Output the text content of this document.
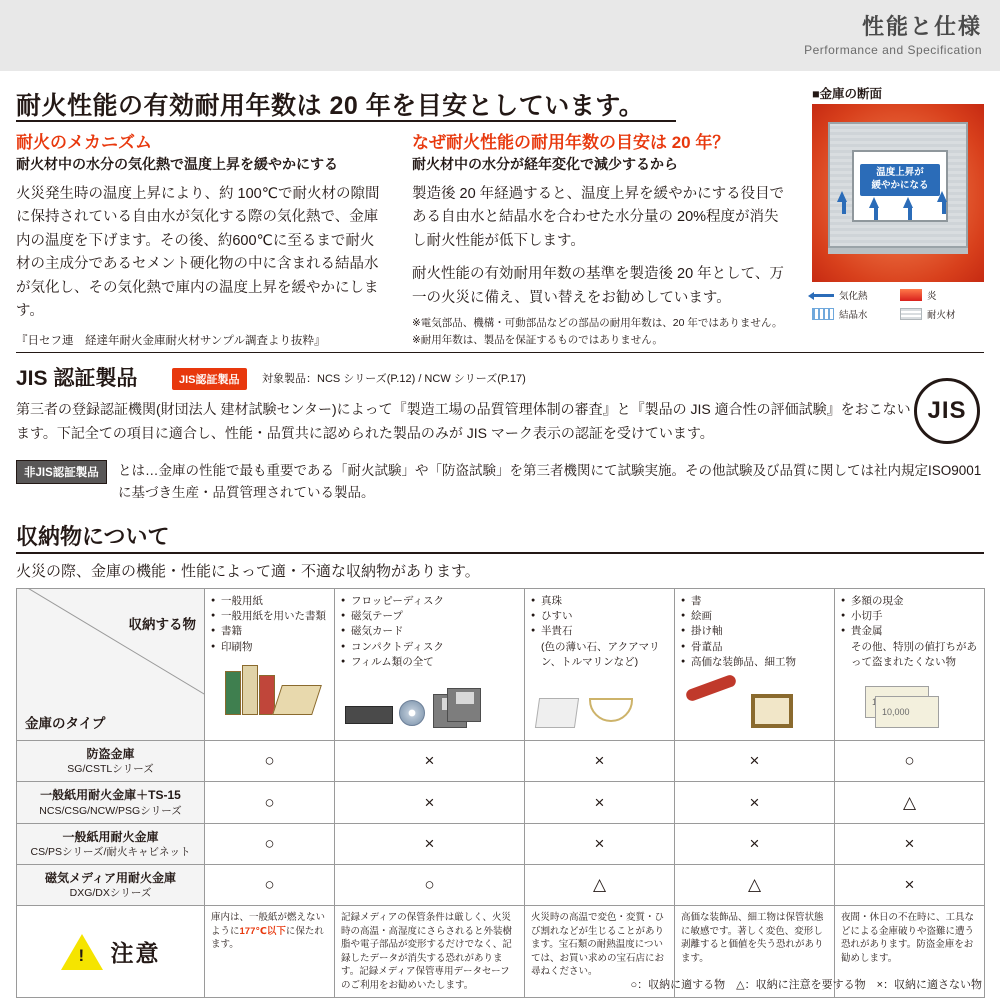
性能と仕様
Performance and Specification
耐火性能の有効耐用年数は 20 年を目安としています。
耐火のメカニズム
耐火材中の水分の気化熱で温度上昇を緩やかにする
火災発生時の温度上昇により、約 100℃で耐火材の隙間に保持されている自由水が気化する際の気化熱で、金庫内の温度を下げます。その後、約600℃に至るまで耐火材の主成分であるセメント硬化物の中に含まれる結晶水が気化し、その気化熱で庫内の温度上昇を緩やかにします。
『日セフ連　経達年耐火金庫耐火材サンプル調査より抜粋』
なぜ耐火性能の耐用年数の目安は 20 年？
耐火材中の水分が経年変化で減少するから
製造後 20 年経過すると、温度上昇を緩やかにする役目である自由水と結晶水を合わせた水分量の 20%程度が消失し耐火性能が低下します。
耐火性能の有効耐用年数の基準を製造後 20 年として、万一の火災に備え、買い替えをお勧めしています。
※電気部品、機構・可動部品などの部品の耐用年数は、20 年ではありません。
※耐用年数は、製品を保証するものではありません。
■金庫の断面
温度上昇が
緩やかになる
気化熱	炎
結晶水	耐火材
JIS 認証製品	JIS認証製品	対象製品：NCS シリーズ(P.12) / NCW シリーズ(P.17)
第三者の登録認証機関(財団法人 建材試験センター)によって『製造工場の品質管理体制の審査』と『製品の JIS 適合性の評価試験』をおこないます。下記全ての項目に適合し、性能・品質共に認められた製品のみが JIS マーク表示の認証を受けています。
非JIS認証製品	とは…金庫の性能で最も重要である「耐火試験」や「防盗試験」を第三者機関にて試験実施。その他試験及び品質に関しては社内規定ISO9001 に基づき生産・品質管理されている製品。
JIS
収納物について
火災の際、金庫の機能・性能によって適・不適な収納物があります。
収納する物
金庫のタイプ

● 一般用紙
● 一般用紙を用いた書類
● 書籍
● 印刷物

● フロッピーディスク
● 磁気テープ
● 磁気カード
● コンパクトディスク
● フィルム類の全て

● 真珠
● ひすい
● 半貴石
(色の薄い石、アクアマリン、トルマリンなど)

● 書
● 絵画
● 掛け軸
● 骨董品
● 高価な装飾品、細工物

● 多額の現金
● 小切手
● 貴金属
その他、特別の値打ちがあって盗まれたくない物
10,000
10,000

防盗金庫
SG/CSTLシリーズ	○	×	×	×	○
一般紙用耐火金庫＋TS-15
NCS/CSG/NCW/PSGシリーズ	○	×	×	×	△
一般紙用耐火金庫
CS/PSシリーズ/耐火キャビネット	○	×	×	×	×
磁気メディア用耐火金庫
DXG/DXシリーズ	○	○	△	△	×

!
注意	庫内は、一般紙が燃えないように177℃以下に保たれます。	記録メディアの保管条件は厳しく、火災時の高温・高湿度にさらされると外装樹脂や電子部品が変形するだけでなく、記録したデータが消失する恐れがあります。記録メディア保管専用データセーフのご利用をお勧めいたします。	火災時の高温で変色・変質・ひび割れなどが生じることがあります。宝石類の耐熱温度については、お買い求めの宝石店にお尋ねください。	高価な装飾品、細工物は保管状態に敏感です。著しく変色、変形し剥離すると価値を失う恐れがあります。	夜間・休日の不在時に、工具などによる金庫破りや盗難に遭う恐れがあります。防盗金庫をお勧めします。
○：収納に適する物　△：収納に注意を要する物　×：収納に適さない物
